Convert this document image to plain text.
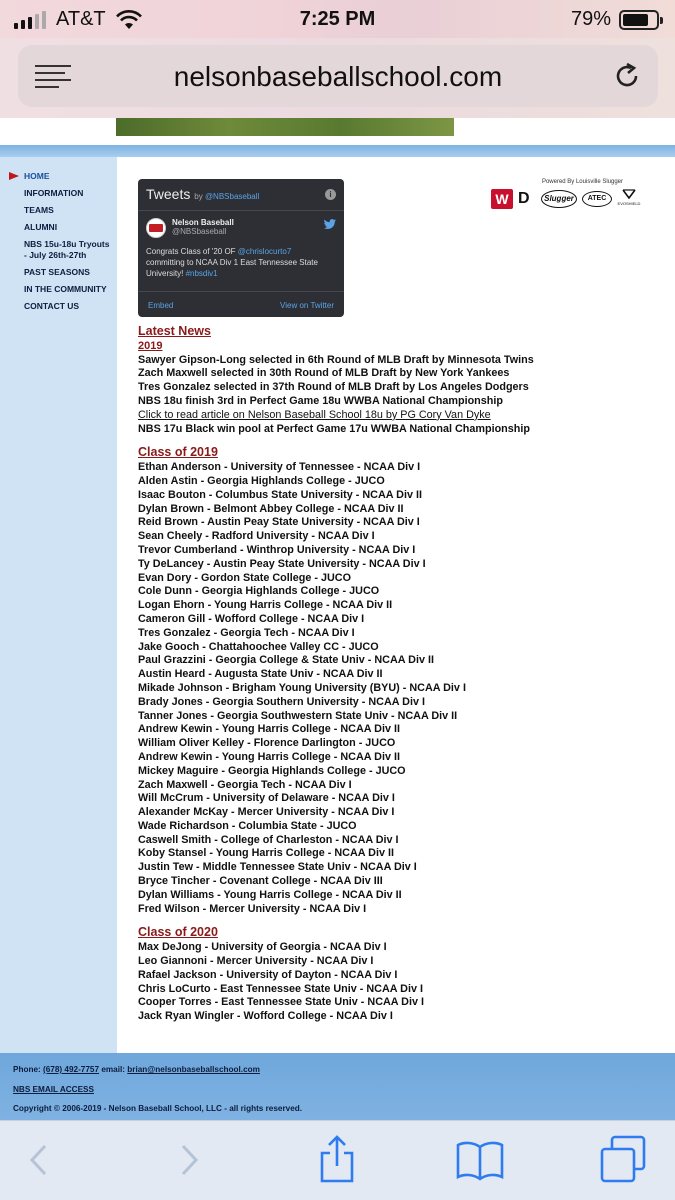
AT&T	7:25 PM	79%
nelsonbaseballschool.com
HOME
INFORMATION
TEAMS
ALUMNI
NBS 15u-18u Tryouts - July 26th-27th
PAST SEASONS
IN THE COMMUNITY
CONTACT US
Tweets by @NBSbaseball	i
Nelson Baseball
@NBSbaseball
Congrats Class of '20 OF @chrislocurto7 committing to NCAA Div 1 East Tennessee State University! #nbsdiv1
Embed	View on Twitter
Powered By Louisville Slugger
W D	Slugger	ATEC
EVOSHIELD
Latest News
2019
Sawyer Gipson-Long selected in 6th Round of MLB Draft by Minnesota Twins
Zach Maxwell selected in 30th Round of MLB Draft by New York Yankees
Tres Gonzalez selected in 37th Round of MLB Draft by Los Angeles Dodgers
NBS 18u finish 3rd in Perfect Game 18u WWBA National Championship
Click to read article on Nelson Baseball School 18u by PG Cory Van Dyke
NBS 17u Black win pool at Perfect Game 17u WWBA National Championship
Class of 2019
Ethan Anderson - University of Tennessee - NCAA Div I
Alden Astin - Georgia Highlands College - JUCO
Isaac Bouton - Columbus State University - NCAA Div II
Dylan Brown - Belmont Abbey College - NCAA Div II
Reid Brown - Austin Peay State University - NCAA Div I
Sean Cheely - Radford University - NCAA Div I
Trevor Cumberland - Winthrop University - NCAA Div I
Ty DeLancey - Austin Peay State University - NCAA Div I
Evan Dory - Gordon State College - JUCO
Cole Dunn - Georgia Highlands College - JUCO
Logan Ehorn - Young Harris College - NCAA Div II
Cameron Gill - Wofford College - NCAA Div I
Tres Gonzalez - Georgia Tech - NCAA Div I
Jake Gooch - Chattahoochee Valley CC - JUCO
Paul Grazzini - Georgia College & State Univ - NCAA Div II
Austin Heard - Augusta State Univ - NCAA Div II
Mikade Johnson - Brigham Young University (BYU) - NCAA Div I
Brady Jones - Georgia Southern University - NCAA Div I
Tanner Jones - Georgia Southwestern State Univ - NCAA Div II
Andrew Kewin - Young Harris College - NCAA Div II
William Oliver Kelley - Florence Darlington - JUCO
Andrew Kewin - Young Harris College - NCAA Div II
Mickey Maguire - Georgia Highlands College - JUCO
Zach Maxwell - Georgia Tech - NCAA Div I
Will McCrum - University of Delaware - NCAA Div I
Alexander McKay - Mercer University - NCAA Div I
Wade Richardson - Columbia State - JUCO
Caswell Smith - College of Charleston - NCAA Div I
Koby Stansel - Young Harris College - NCAA Div II
Justin Tew - Middle Tennessee State Univ - NCAA Div I
Bryce Tincher - Covenant College - NCAA Div III
Dylan Williams - Young Harris College - NCAA Div II
Fred Wilson - Mercer University - NCAA Div I
Class of 2020
Max DeJong - University of Georgia - NCAA Div I
Leo Giannoni - Mercer University - NCAA Div I
Rafael Jackson - University of Dayton - NCAA Div I
Chris LoCurto - East Tennessee State Univ - NCAA Div I
Cooper Torres - East Tennessee State Univ - NCAA Div I
Jack Ryan Wingler - Wofford College - NCAA Div I
Phone: (678) 492-7757 email: brian@nelsonbaseballschool.com
NBS EMAIL ACCESS
Copyright © 2006-2019 - Nelson Baseball School, LLC - all rights reserved.
